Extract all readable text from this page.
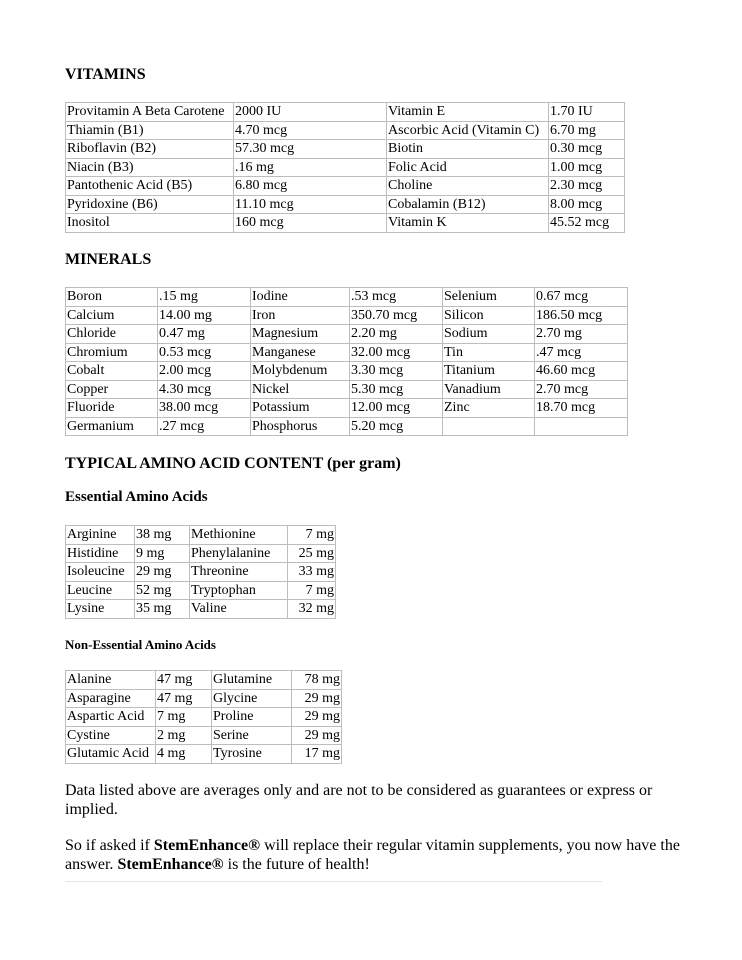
VITAMINS
Provitamin A Beta Carotene	2000 IU	Vitamin E	1.70 IU
Thiamin (B1)	4.70 mcg	Ascorbic Acid (Vitamin C)	6.70 mg
Riboflavin (B2)	57.30 mcg	Biotin	0.30 mcg
Niacin (B3)	.16 mg	Folic Acid	1.00 mcg
Pantothenic Acid (B5)	6.80 mcg	Choline	2.30 mcg
Pyridoxine (B6)	11.10 mcg	Cobalamin (B12)	8.00 mcg
Inositol	160 mcg	Vitamin K	45.52 mcg
MINERALS
Boron	.15 mg	Iodine	.53 mcg	Selenium	0.67 mcg
Calcium	14.00 mg	Iron	350.70 mcg	Silicon	186.50 mcg
Chloride	0.47 mg	Magnesium	2.20 mg	Sodium	2.70 mg
Chromium	0.53 mcg	Manganese	32.00 mcg	Tin	.47 mcg
Cobalt	2.00 mcg	Molybdenum	3.30 mcg	Titanium	46.60 mcg
Copper	4.30 mcg	Nickel	5.30 mcg	Vanadium	2.70 mcg
Fluoride	38.00 mcg	Potassium	12.00 mcg	Zinc	18.70 mcg
Germanium	.27 mcg	Phosphorus	5.20 mcg		
TYPICAL AMINO ACID CONTENT (per gram)
Essential Amino Acids
Arginine	38 mg	Methionine	7 mg
Histidine	9 mg	Phenylalanine	25 mg
Isoleucine	29 mg	Threonine	33 mg
Leucine	52 mg	Tryptophan	7 mg
Lysine	35 mg	Valine	32 mg
Non-Essential Amino Acids
Alanine	47 mg	Glutamine	78 mg
Asparagine	47 mg	Glycine	29 mg
Aspartic Acid	7 mg	Proline	29 mg
Cystine	2 mg	Serine	29 mg
Glutamic Acid	4 mg	Tyrosine	17 mg

Data listed above are averages only and are not to be considered as guarantees or express or implied.

So if asked if StemEnhance® will replace their regular vitamin supplements, you now have the answer. StemEnhance® is the future of health!
